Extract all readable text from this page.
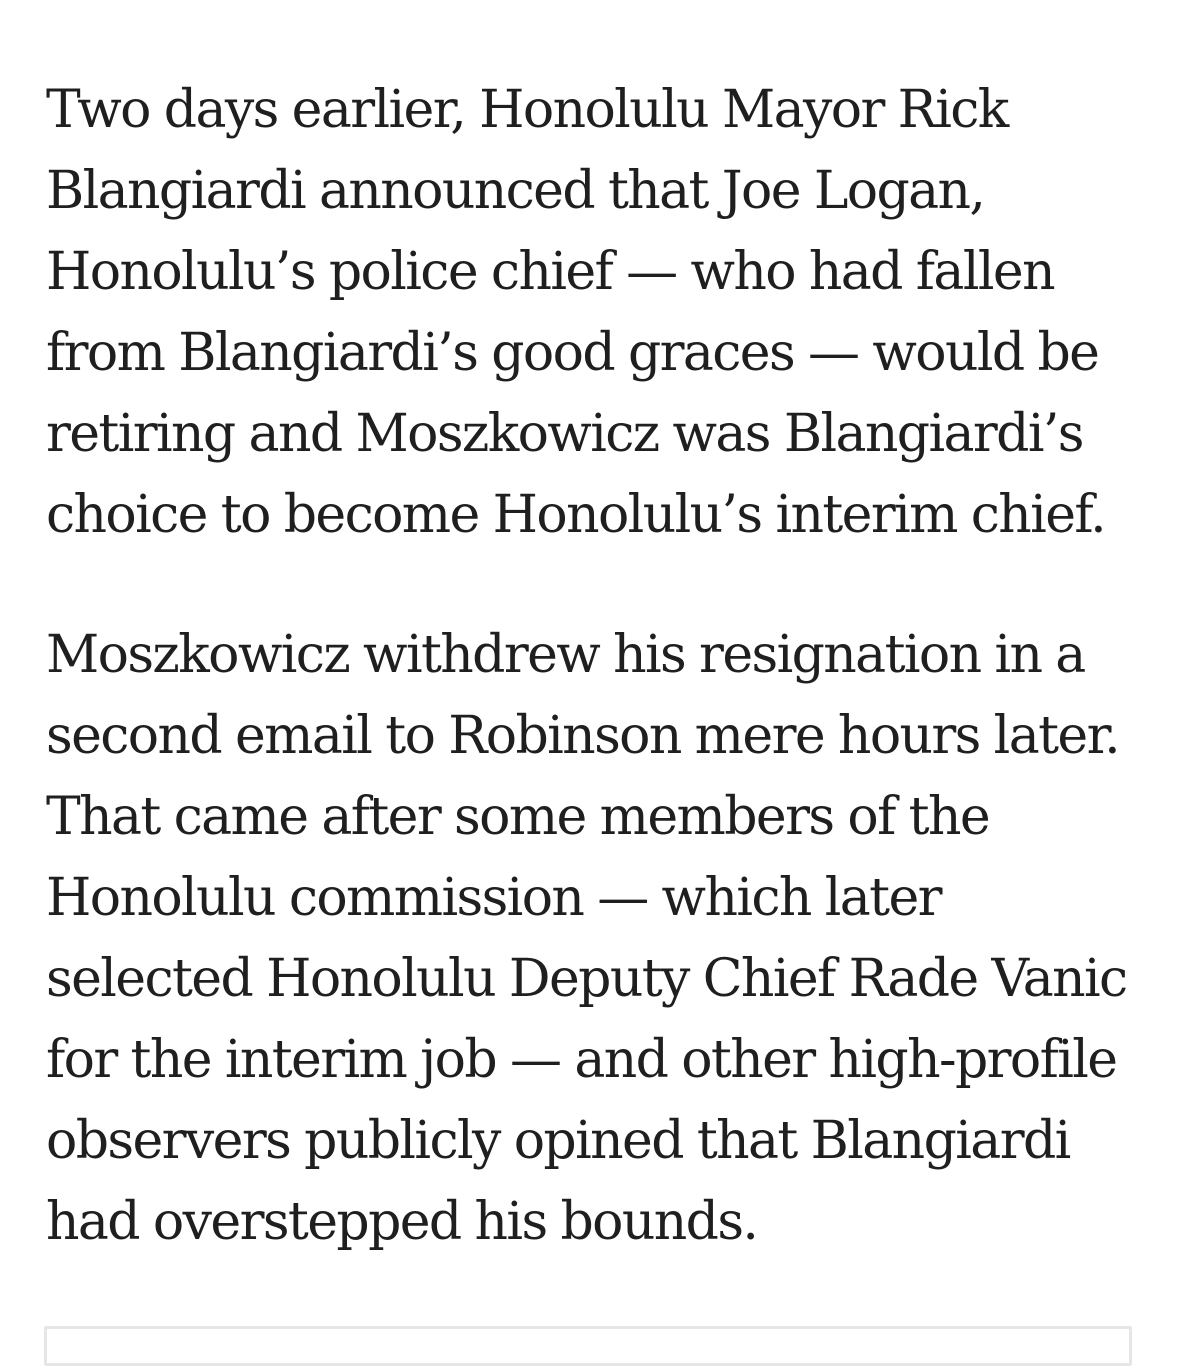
Two days earlier, Honolulu Mayor Rick
Blangiardi announced that Joe Logan,
Honolulu’s police chief — who had fallen
from Blangiardi’s good graces — would be
retiring and Moszkowicz was Blangiardi’s
choice to become Honolulu’s interim chief.

Moszkowicz withdrew his resignation in a
second email to Robinson mere hours later.
That came after some members of the
Honolulu commission — which later
selected Honolulu Deputy Chief Rade Vanic
for the interim job — and other high-profile
observers publicly opined that Blangiardi
had overstepped his bounds.
